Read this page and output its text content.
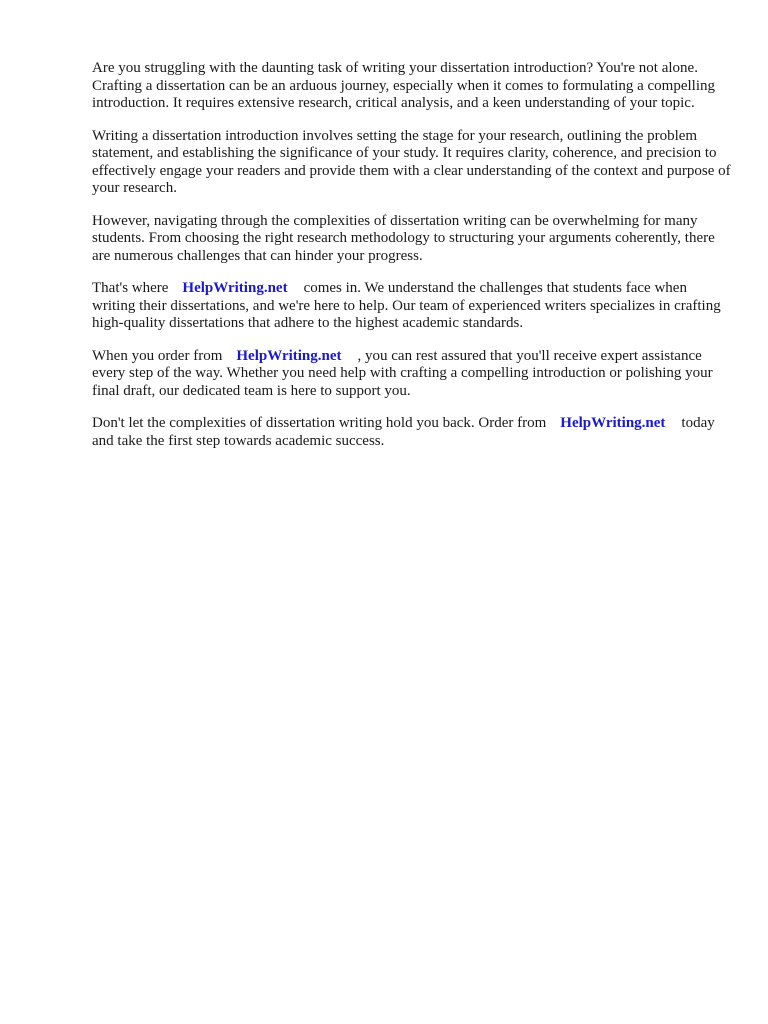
Are you struggling with the daunting task of writing your dissertation introduction? You're not alone. Crafting a dissertation can be an arduous journey, especially when it comes to formulating a compelling introduction. It requires extensive research, critical analysis, and a keen understanding of your topic.

Writing a dissertation introduction involves setting the stage for your research, outlining the problem statement, and establishing the significance of your study. It requires clarity, coherence, and precision to effectively engage your readers and provide them with a clear understanding of the context and purpose of your research.

However, navigating through the complexities of dissertation writing can be overwhelming for many students. From choosing the right research methodology to structuring your arguments coherently, there are numerous challenges that can hinder your progress.

That's where HelpWriting.net comes in. We understand the challenges that students face when writing their dissertations, and we're here to help. Our team of experienced writers specializes in crafting high-quality dissertations that adhere to the highest academic standards.

When you order from HelpWriting.net , you can rest assured that you'll receive expert assistance every step of the way. Whether you need help with crafting a compelling introduction or polishing your final draft, our dedicated team is here to support you.

Don't let the complexities of dissertation writing hold you back. Order from HelpWriting.net today and take the first step towards academic success.
